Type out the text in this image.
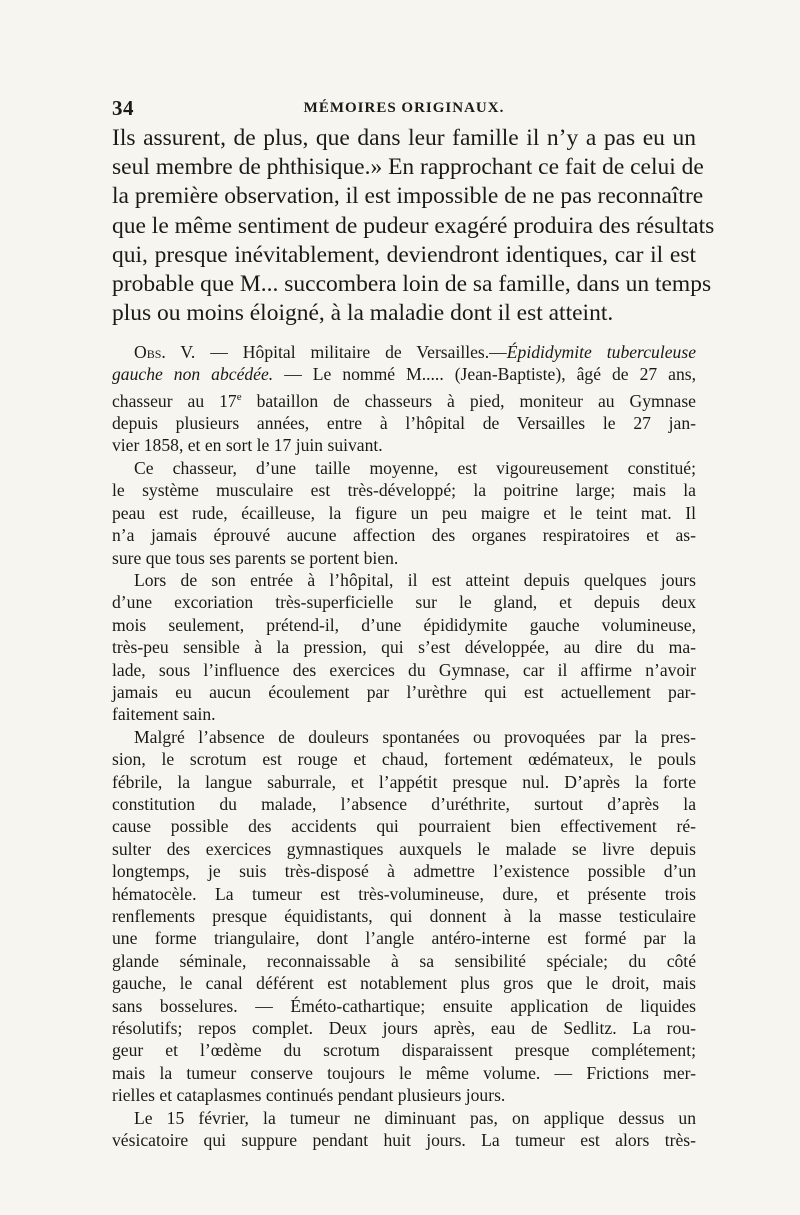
34	MÉMOIRES ORIGINAUX.
Ils assurent, de plus, que dans leur famille il n’y a pas eu un
seul membre de phthisique.» En rapprochant ce fait de celui de
la première observation, il est impossible de ne pas reconnaître
que le même sentiment de pudeur exagéré produira des résultats
qui, presque inévitablement, deviendront identiques, car il est
probable que M... succombera loin de sa famille, dans un temps
plus ou moins éloigné, à la maladie dont il est atteint.
Obs. V. — Hôpital militaire de Versailles.—Épididymite tuberculeuse
gauche non abcédée. — Le nommé M..... (Jean-Baptiste), âgé de 27 ans,
chasseur au 17e bataillon de chasseurs à pied, moniteur au Gymnase
depuis plusieurs années, entre à l’hôpital de Versailles le 27 jan-
vier 1858, et en sort le 17 juin suivant.
Ce chasseur, d’une taille moyenne, est vigoureusement constitué;
le système musculaire est très-développé; la poitrine large; mais la
peau est rude, écailleuse, la figure un peu maigre et le teint mat. Il
n’a jamais éprouvé aucune affection des organes respiratoires et as-
sure que tous ses parents se portent bien.
Lors de son entrée à l’hôpital, il est atteint depuis quelques jours
d’une excoriation très-superficielle sur le gland, et depuis deux
mois seulement, prétend-il, d’une épididymite gauche volumineuse,
très-peu sensible à la pression, qui s’est développée, au dire du ma-
lade, sous l’influence des exercices du Gymnase, car il affirme n’avoir
jamais eu aucun écoulement par l’urèthre qui est actuellement par-
faitement sain.
Malgré l’absence de douleurs spontanées ou provoquées par la pres-
sion, le scrotum est rouge et chaud, fortement œdémateux, le pouls
fébrile, la langue saburrale, et l’appétit presque nul. D’après la forte
constitution du malade, l’absence d’uréthrite, surtout d’après la
cause possible des accidents qui pourraient bien effectivement ré-
sulter des exercices gymnastiques auxquels le malade se livre depuis
longtemps, je suis très-disposé à admettre l’existence possible d’un
hématocèle. La tumeur est très-volumineuse, dure, et présente trois
renflements presque équidistants, qui donnent à la masse testiculaire
une forme triangulaire, dont l’angle antéro-interne est formé par la
glande séminale, reconnaissable à sa sensibilité spéciale; du côté
gauche, le canal déférent est notablement plus gros que le droit, mais
sans bosselures. — Éméto-cathartique; ensuite application de liquides
résolutifs; repos complet. Deux jours après, eau de Sedlitz. La rou-
geur et l’œdème du scrotum disparaissent presque complétement;
mais la tumeur conserve toujours le même volume. — Frictions mer-
rielles et cataplasmes continués pendant plusieurs jours.
Le 15 février, la tumeur ne diminuant pas, on applique dessus un
vésicatoire qui suppure pendant huit jours. La tumeur est alors très-
